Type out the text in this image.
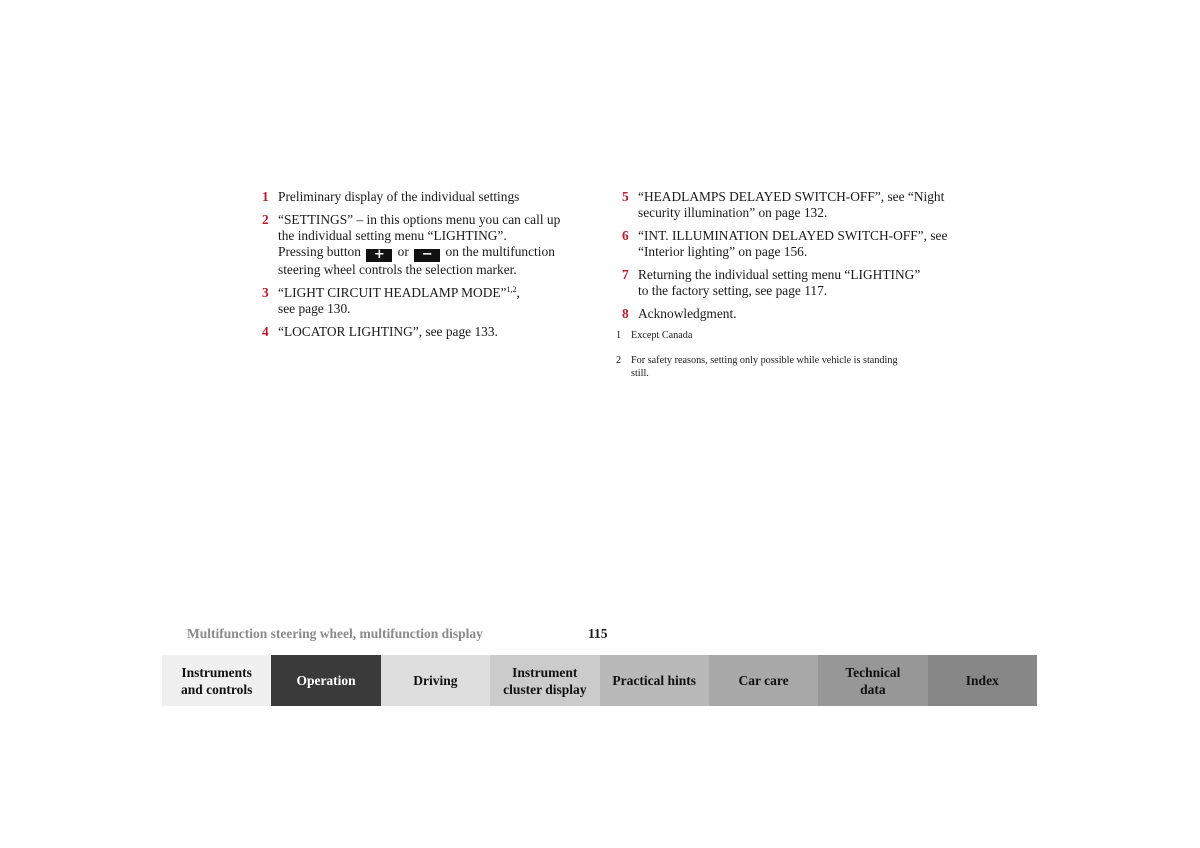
1 Preliminary display of the individual settings
2 “SETTINGS” – in this options menu you can call up
the individual setting menu “LIGHTING”.
Pressing button + or − on the multifunction
steering wheel controls the selection marker.
3 “LIGHT CIRCUIT HEADLAMP MODE”$^{1,2}$,
see page 130.
4 “LOCATOR LIGHTING”, see page 133.
5 “HEADLAMPS DELAYED SWITCH-OFF”, see “Night
security illumination” on page 132.
6 “INT. ILLUMINATION DELAYED SWITCH-OFF”, see
“Interior lighting” on page 156.
7 Returning the individual setting menu “LIGHTING”
to the factory setting, see page 117.
8 Acknowledgment.
1 Except Canada
2 For safety reasons, setting only possible while vehicle is standing
still.
Multifunction steering wheel, multifunction display	115
Instruments
and controls
Operation	Driving
Instrument
cluster display
Practical hints	Car care
Technical
data
Index
